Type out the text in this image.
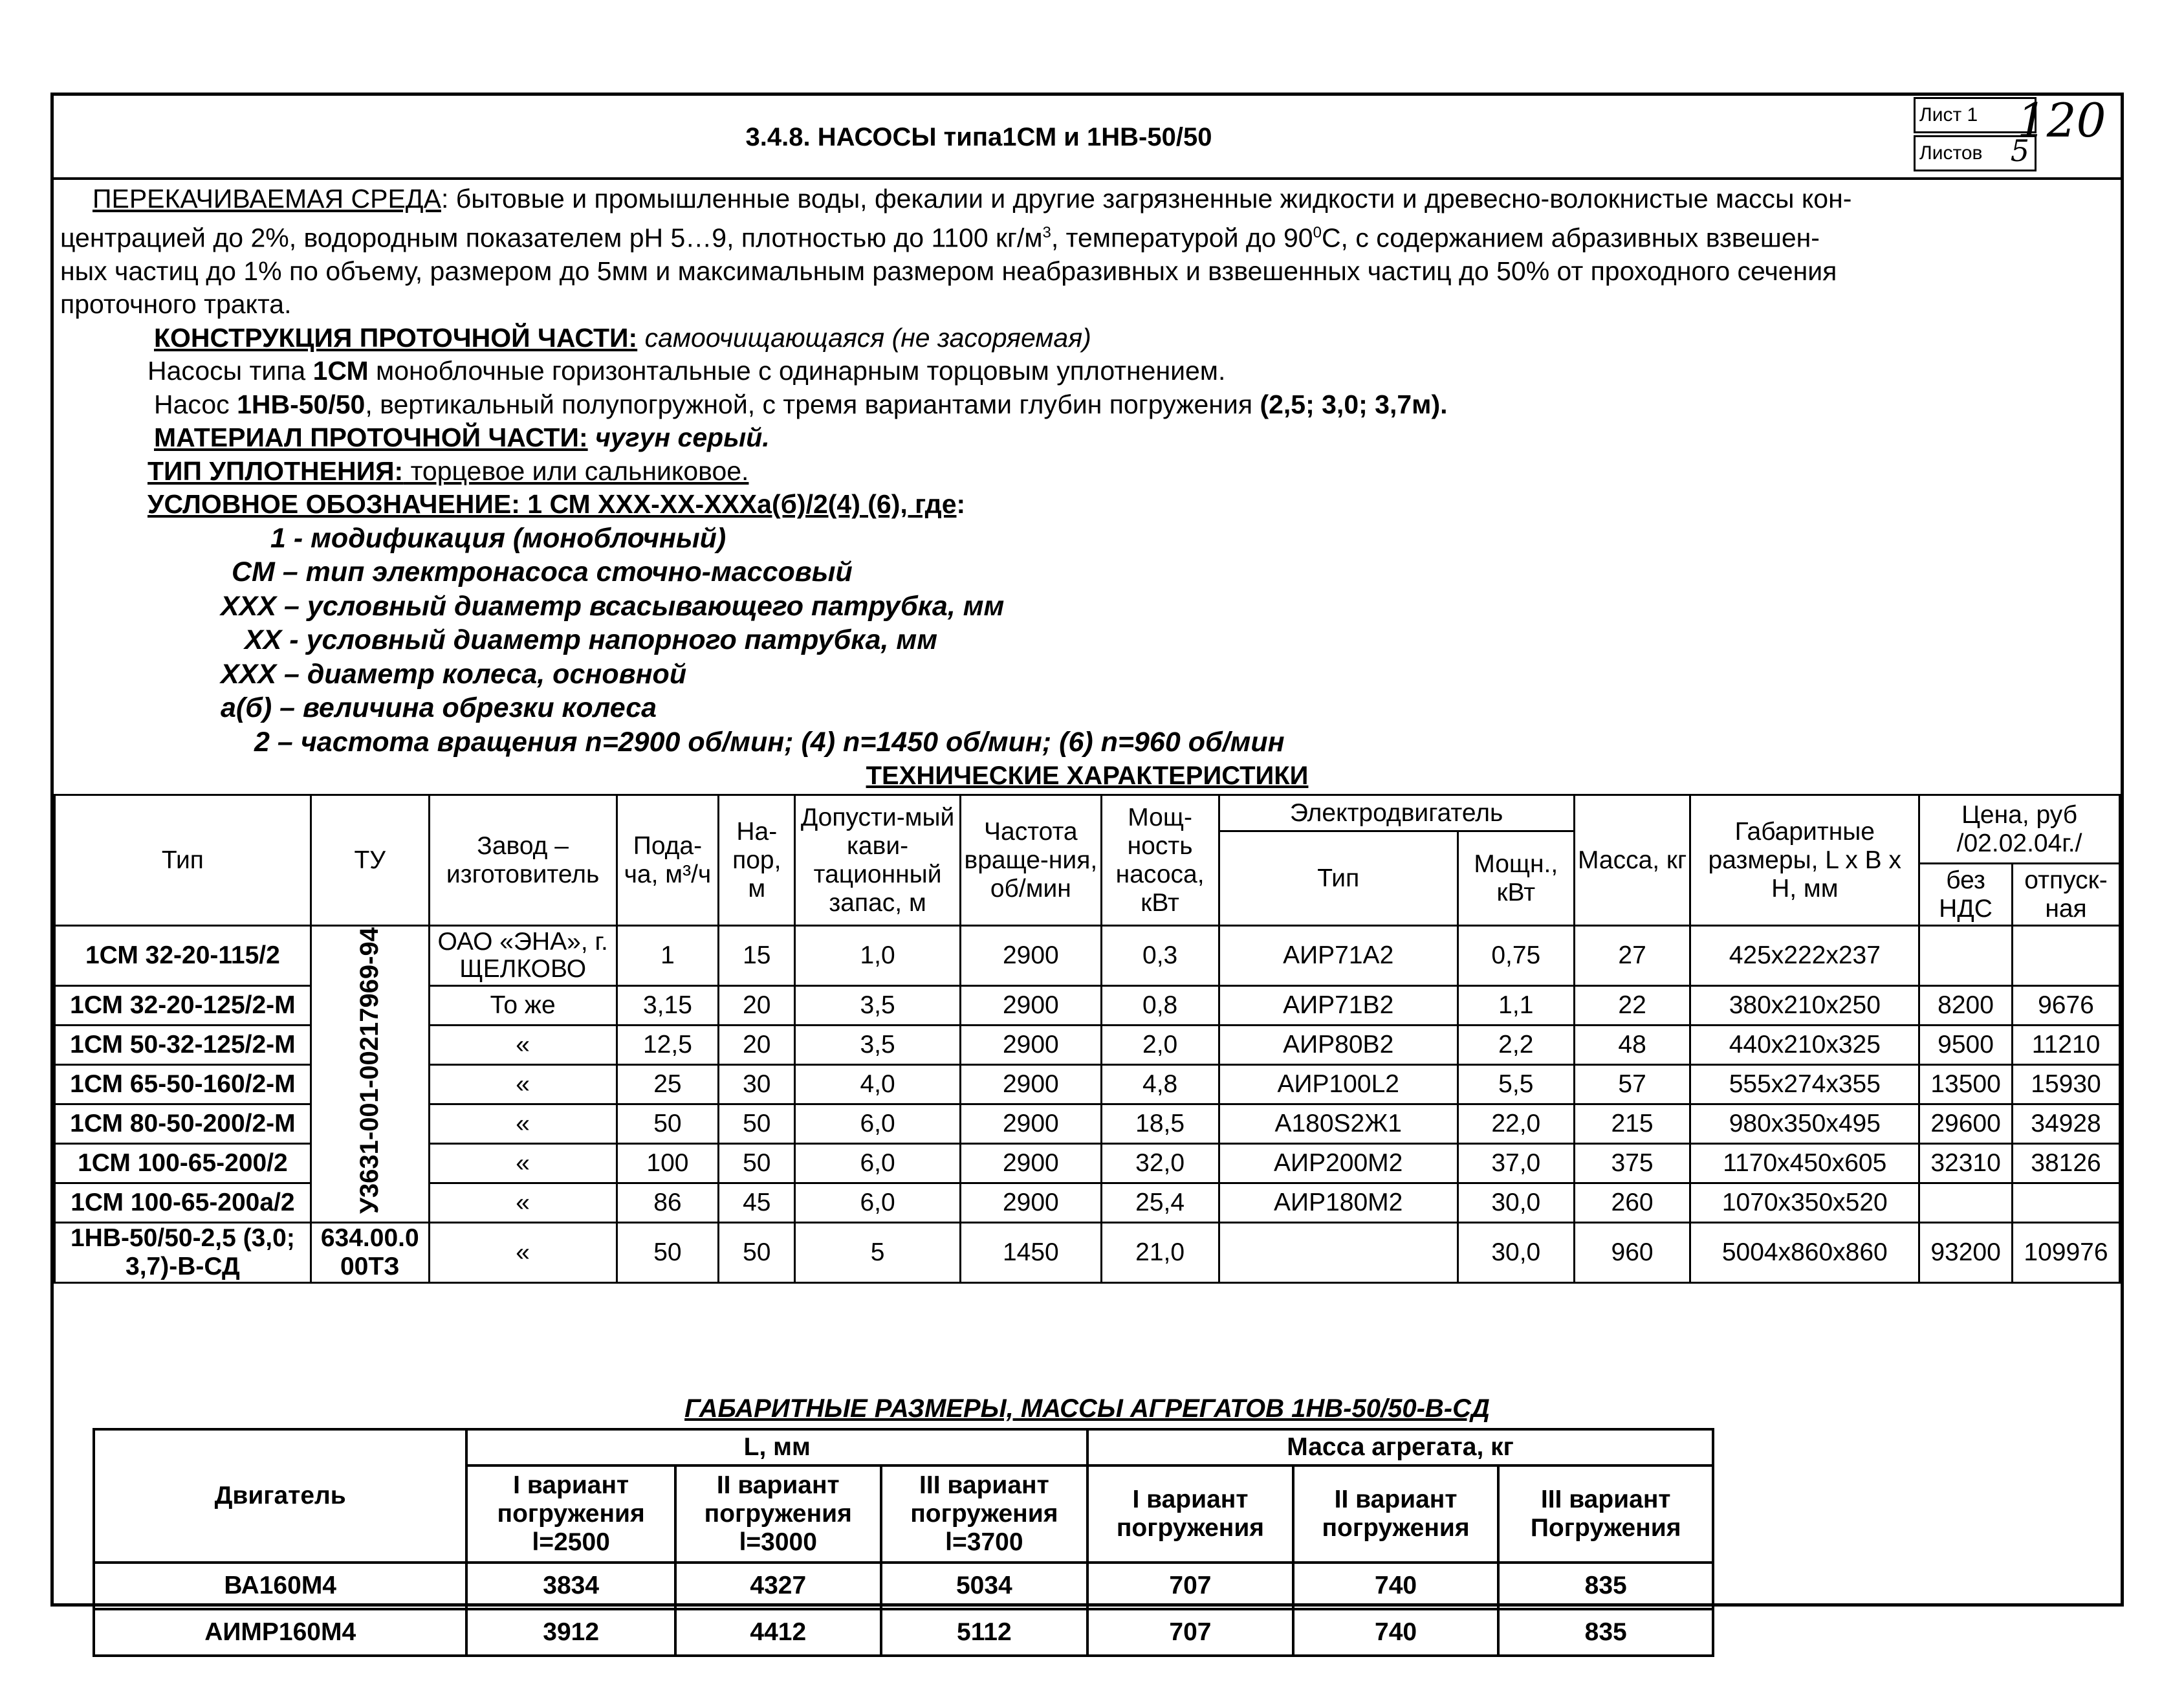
3.4.8. НАСОСЫ типа1СМ и 1НВ-50/50
Лист 1
Листов 5
120

ПЕРЕКАЧИВАЕМАЯ СРЕДА: бытовые и промышленные воды, фекалии и другие загрязненные жидкости и древесно-волокнистые массы кон-

центрацией до 2%, водородным показателем pH 5…9, плотностью до 1100 $кг/м^3$, температурой до $90^0С$, с содержанием абразивных взвешен-

ных частиц до 1% по объему, размером до 5мм и максимальным размером неабразивных и взвешенных частиц до 50% от проходного сечения

проточного тракта.

КОНСТРУКЦИЯ ПРОТОЧНОЙ ЧАСТИ: самоочищающаяся (не засоряемая)

Насосы типа 1СМ моноблочные горизонтальные с одинарным торцовым уплотнением.

Насос 1НВ-50/50, вертикальный полупогружной, с тремя вариантами глубин погружения (2,5; 3,0; 3,7м).

МАТЕРИАЛ ПРОТОЧНОЙ ЧАСТИ: чугун серый.

ТИП УПЛОТНЕНИЯ: торцевое или сальниковое.

УСЛОВНОЕ ОБОЗНАЧЕНИЕ: 1 СМ ХХХ-ХХ-ХХХа(б)/2(4) (6), где:

1 - модификация (моноблочный)

СМ – тип электронасоса сточно-массовый

ХХХ – условный диаметр всасывающего патрубка, мм

ХХ - условный диаметр напорного патрубка, мм

ХХХ – диаметр колеса, основной

а(б) – величина обрезки колеса

2 – частота вращения n=2900 об/мин; (4) n=1450 об/мин; (6) n=960 об/мин

ТЕХНИЧЕСКИЕ ХАРАКТЕРИСТИКИ
Тип	ТУ	Завод – изготовитель	Пода-ча, м³/ч	На-пор, м	Допусти-мый кави-тационный запас, м	Частота враще-ния, об/мин	Мощ-ность насоса, кВт	Электродвигатель		Масса, кг	Габаритные размеры, L x B x H, мм	Цена, руб /02.02.04г./	
								Тип	Мощн., кВт				
												без НДС	отпуск-ная
1СМ 32-20-115/2	У3631-001-00217969-94	ОАО «ЭНА», г. ЩЕЛКОВО	1	15	1,0	2900	0,3	АИР71А2	0,75	27	425х222х237		
1СМ 32-20-125/2-М		То же	3,15	20	3,5	2900	0,8	АИР71В2	1,1	22	380х210х250	8200	9676
1СМ 50-32-125/2-М		«	12,5	20	3,5	2900	2,0	АИР80В2	2,2	48	440х210х325	9500	11210
1СМ 65-50-160/2-М		«	25	30	4,0	2900	4,8	АИР100L2	5,5	57	555х274х355	13500	15930
1СМ 80-50-200/2-М		«	50	50	6,0	2900	18,5	А180S2Ж1	22,0	215	980х350х495	29600	34928
1СМ 100-65-200/2		«	100	50	6,0	2900	32,0	АИР200М2	37,0	375	1170х450х605	32310	38126
1СМ 100-65-200а/2		«	86	45	6,0	2900	25,4	АИР180М2	30,0	260	1070х350х520		
1НВ-50/50-2,5 (3,0; 3,7)-В-СД	634.00.0 00ТЗ	«	50	50	5	1450	21,0		30,0	960	5004х860х860	93200	109976
ГАБАРИТНЫЕ РАЗМЕРЫ, МАССЫ АГРЕГАТОВ 1НВ-50/50-В-СД
Двигатель	L, мм			Масса агрегата, кг		
	I вариант погружения l=2500	II вариант погружения l=3000	III вариант погружения l=3700	I вариант погружения	II вариант погружения	III вариант Погружения
ВА160М4	3834	4327	5034	707	740	835
АИМР160М4	3912	4412	5112	707	740	835
